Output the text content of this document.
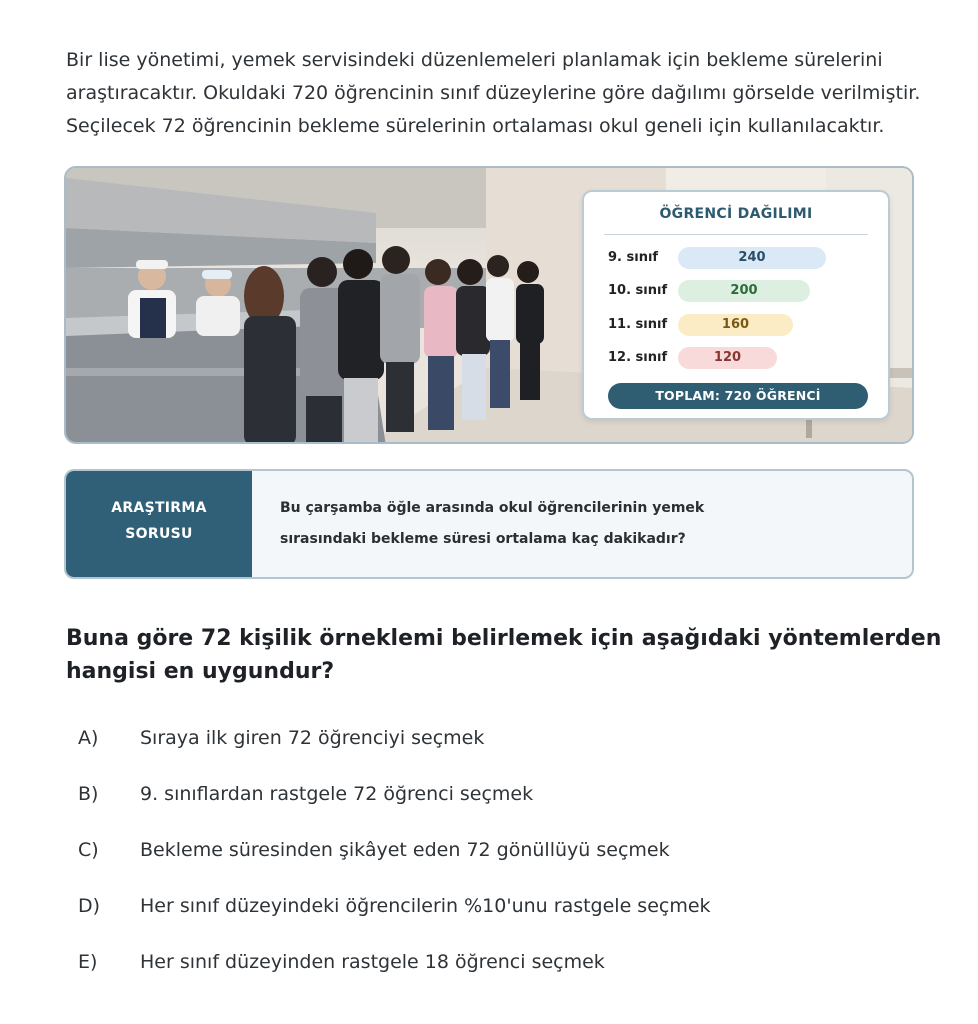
Bir lise yönetimi, yemek servisindeki düzenlemeleri planlamak için bekleme sürelerini
araştıracaktır. Okuldaki 720 öğrencinin sınıf düzeylerine göre dağılımı görselde verilmiştir.
Seçilecek 72 öğrencinin bekleme sürelerinin ortalaması okul geneli için kullanılacaktır.
ÖĞRENCİ DAĞILIMI
9. sınıf	240
10. sınıf	200
11. sınıf	160
12. sınıf	120
TOPLAM: 720 ÖĞRENCİ
ARAŞTIRMA
SORUSU
Bu çarşamba öğle arasında okul öğrencilerinin yemek
sırasındaki bekleme süresi ortalama kaç dakikadır?
Buna göre 72 kişilik örneklemi belirlemek için aşağıdaki yöntemlerden
hangisi en uygundur?
A) Sıraya ilk giren 72 öğrenciyi seçmek
B) 9. sınıflardan rastgele 72 öğrenci seçmek
C) Bekleme süresinden şikâyet eden 72 gönüllüyü seçmek
D) Her sınıf düzeyindeki öğrencilerin %10'unu rastgele seçmek
E) Her sınıf düzeyinden rastgele 18 öğrenci seçmek
